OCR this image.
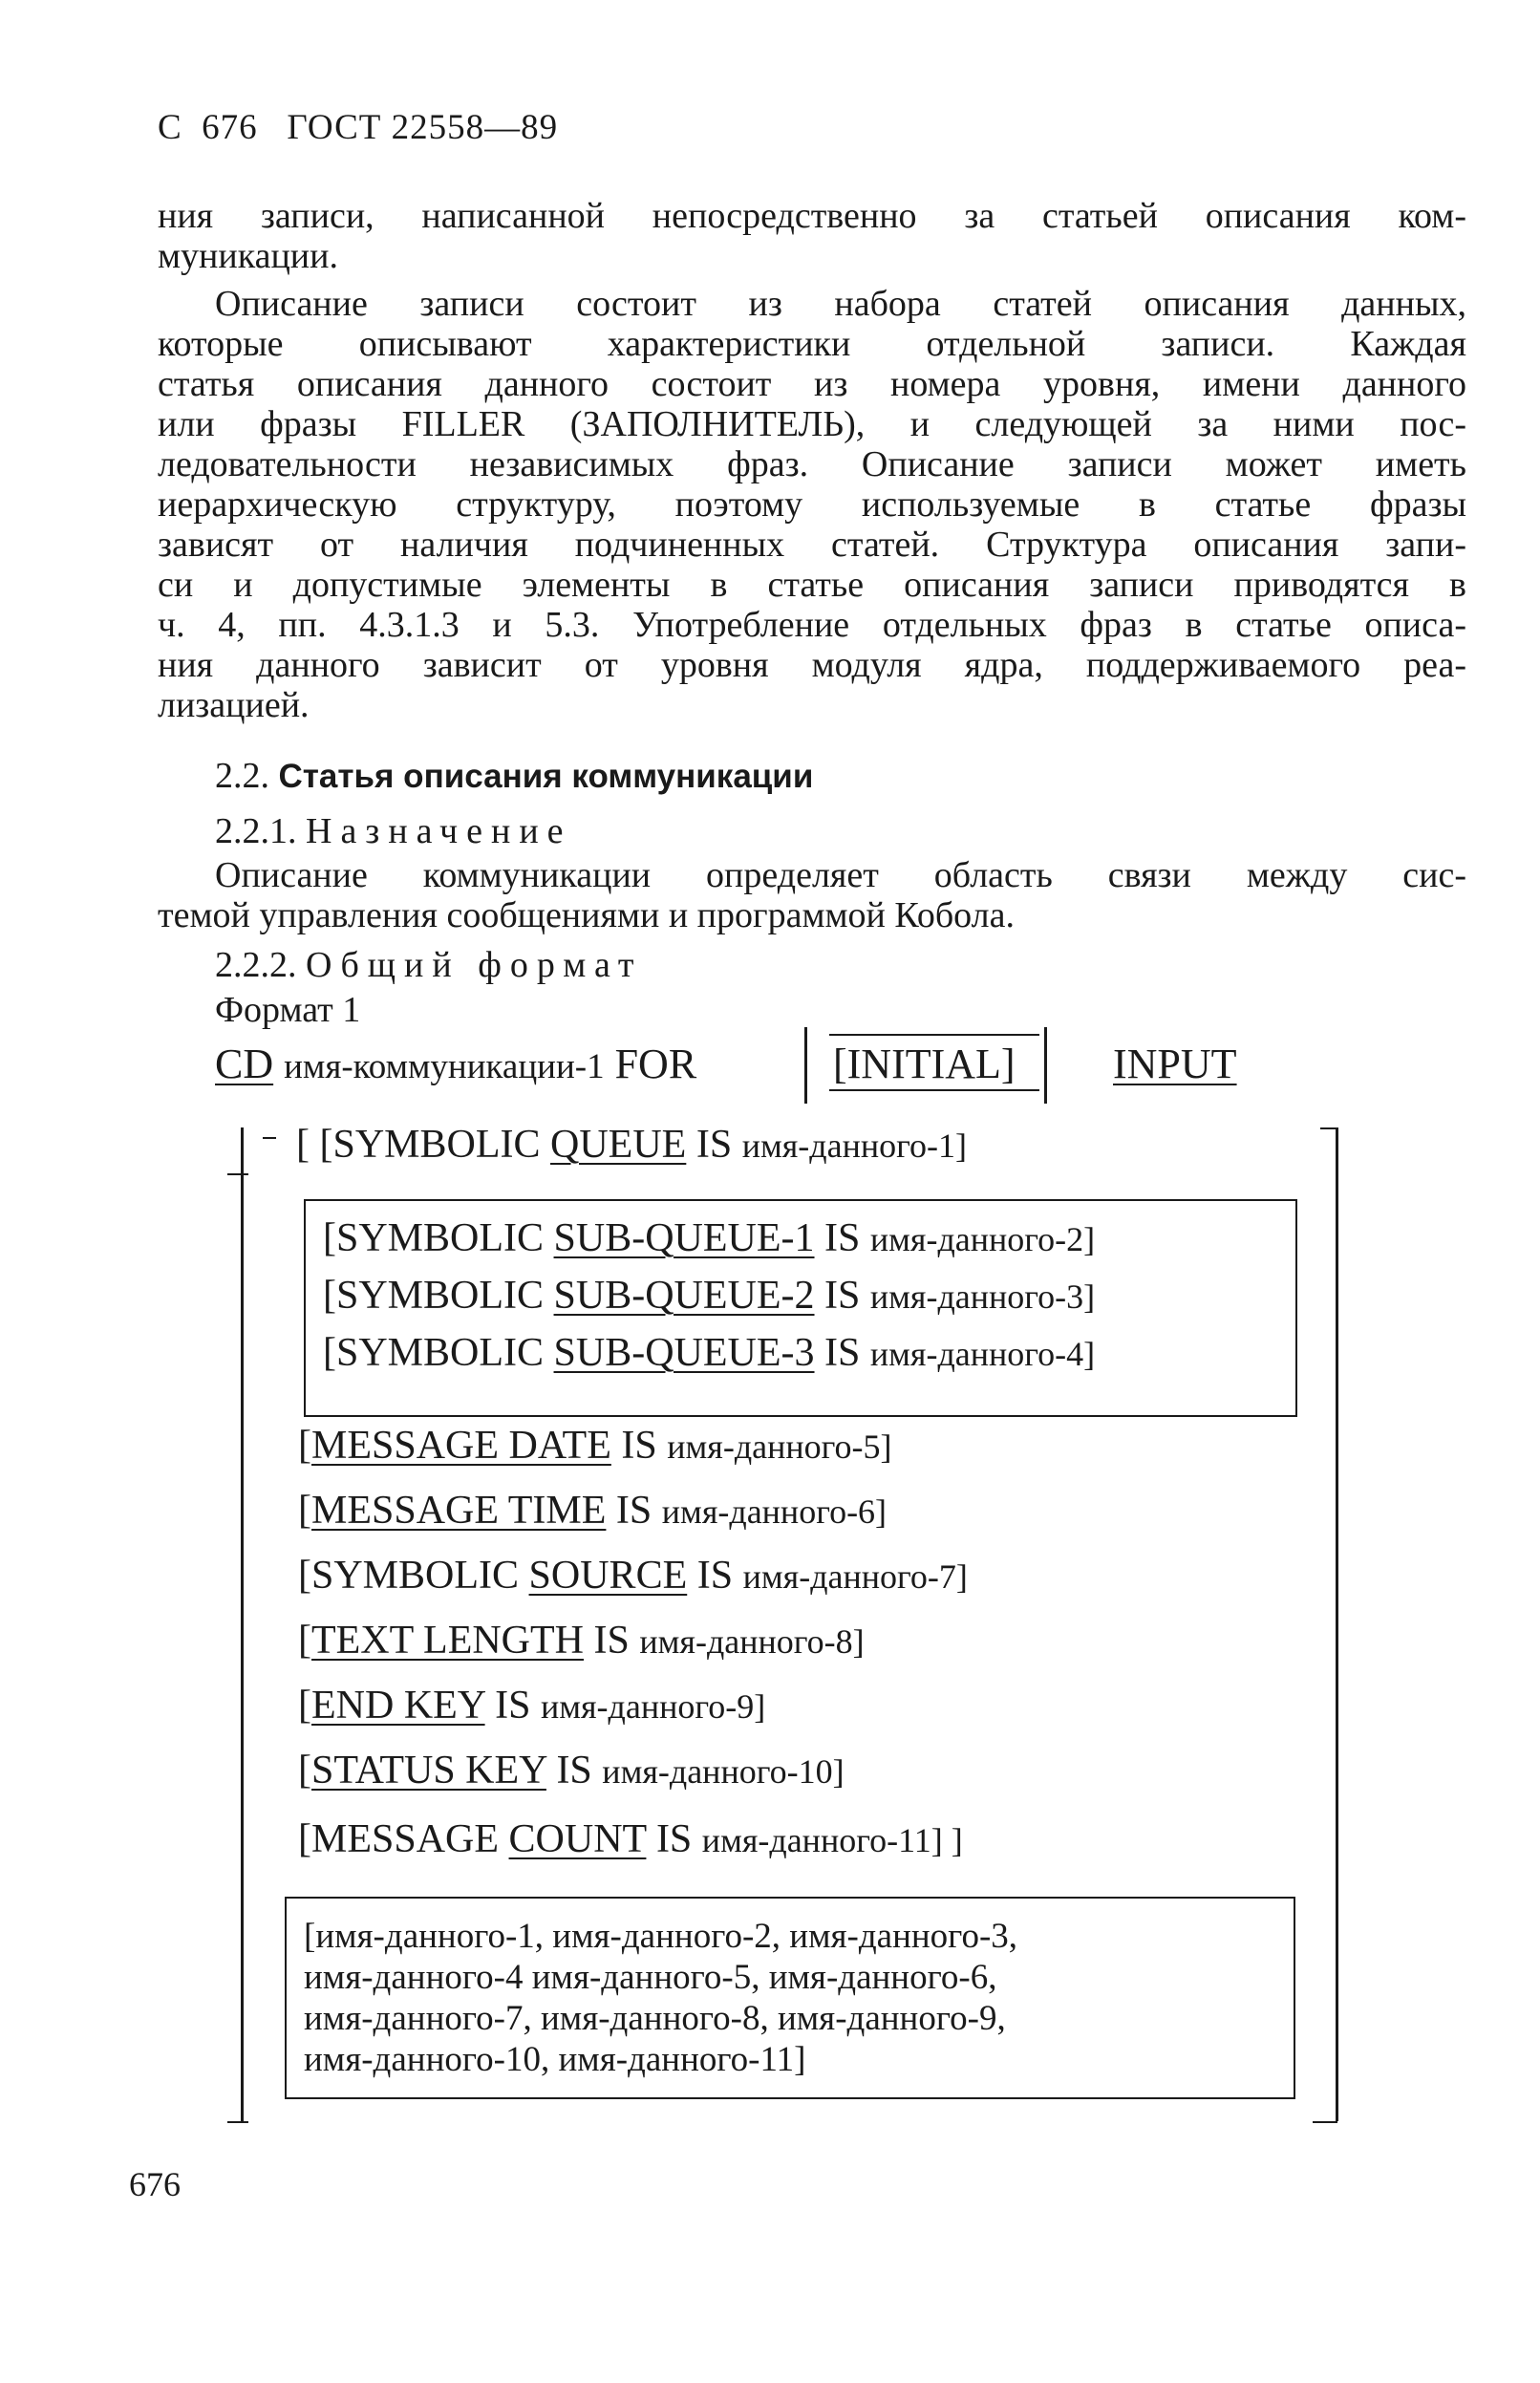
С  676   ГОСТ 22558—89
ния записи, написанной непосредственно за статьей описания ком-
муникации.
Описание записи состоит из набора статей описания данных,
которые описывают характеристики отдельной записи. Каждая
статья описания данного состоит из номера уровня, имени данного
или фразы FILLER (ЗАПОЛНИТЕЛЬ), и следующей за ними пос-
ледовательности независимых фраз. Описание записи может иметь
иерархическую структуру, поэтому используемые в статье фразы
зависят от наличия подчиненных статей. Структура описания запи-
си и допустимые элементы в статье описания записи приводятся в
ч. 4, пп. 4.3.1.3 и 5.3. Употребление отдельных фраз в статье описа-
ния данного зависит от уровня модуля ядра, поддерживаемого реа-
лизацией.
2.2. Статья описания коммуникации
2.2.1. Назначение
Описание коммуникации определяет область связи между сис-
темой управления сообщениями и программой Кобола.
2.2.2. Общий формат
Формат 1
CD имя-коммуникации-1 FOR	[INITIAL] INPUT
[ [SYMBOLIC QUEUE IS имя-данного-1]
[SYMBOLIC SUB-QUEUE-1 IS имя-данного-2]
[SYMBOLIC SUB-QUEUE-2 IS имя-данного-3]
[SYMBOLIC SUB-QUEUE-3 IS имя-данного-4]
[MESSAGE DATE IS имя-данного-5]
[MESSAGE TIME IS имя-данного-6]
[SYMBOLIC SOURCE IS имя-данного-7]
[TEXT LENGTH IS имя-данного-8]
[END KEY IS имя-данного-9]
[STATUS KEY IS имя-данного-10]
[MESSAGE COUNT IS имя-данного-11] ]
[имя-данного-1, имя-данного-2, имя-данного-3,
имя-данного-4 имя-данного-5, имя-данного-6,
имя-данного-7, имя-данного-8, имя-данного-9,
имя-данного-10, имя-данного-11]
676
